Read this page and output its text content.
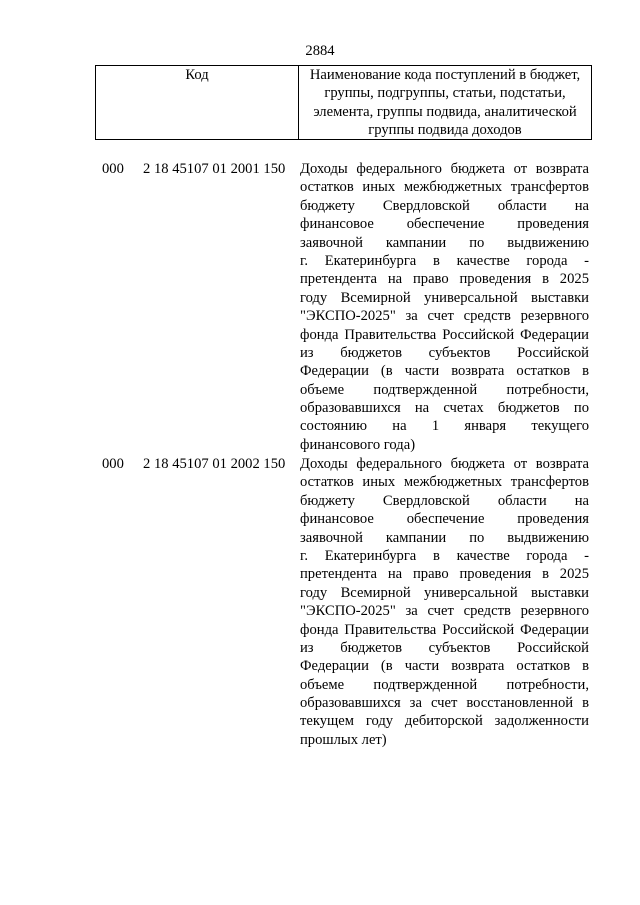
2884
Код	Наименование кода поступлений в бюджет,
группы, подгруппы, статьи, подстатьи,
элемента, группы подвида, аналитической
группы подвида доходов
000 2 18 45107 01 2001 150 Доходы федерального бюджета от возврата
остатков иных межбюджетных трансфертов
бюджету Свердловской области на
финансовое обеспечение проведения
заявочной кампании по выдвижению
г. Екатеринбурга в качестве города -
претендента на право проведения в 2025
году Всемирной универсальной выставки
"ЭКСПО-2025" за счет средств резервного
фонда Правительства Российской Федерации
из бюджетов субъектов Российской
Федерации (в части возврата остатков в
объеме подтвержденной потребности,
образовавшихся на счетах бюджетов по
состоянию на 1 января текущего
финансового года)
000 2 18 45107 01 2002 150 Доходы федерального бюджета от возврата
остатков иных межбюджетных трансфертов
бюджету Свердловской области на
финансовое обеспечение проведения
заявочной кампании по выдвижению
г. Екатеринбурга в качестве города -
претендента на право проведения в 2025
году Всемирной универсальной выставки
"ЭКСПО-2025" за счет средств резервного
фонда Правительства Российской Федерации
из бюджетов субъектов Российской
Федерации (в части возврата остатков в
объеме подтвержденной потребности,
образовавшихся за счет восстановленной в
текущем году дебиторской задолженности
прошлых лет)
